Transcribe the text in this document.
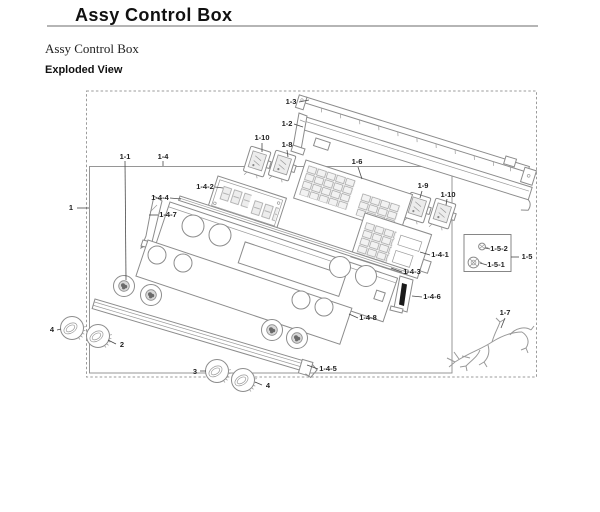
Assy Control Box
Assy Control Box
Exploded View
1
1-1	1-4
1-3
1-2
1-10
1-8
1-6
1-9
1-10
1-4-2
1-4-4
1-4-7
1-4-1
1-5-2
1-5-1
1-5
1-4-3
1-4-6
1-4-8
1-7
1-4-5
4
2
3
4
